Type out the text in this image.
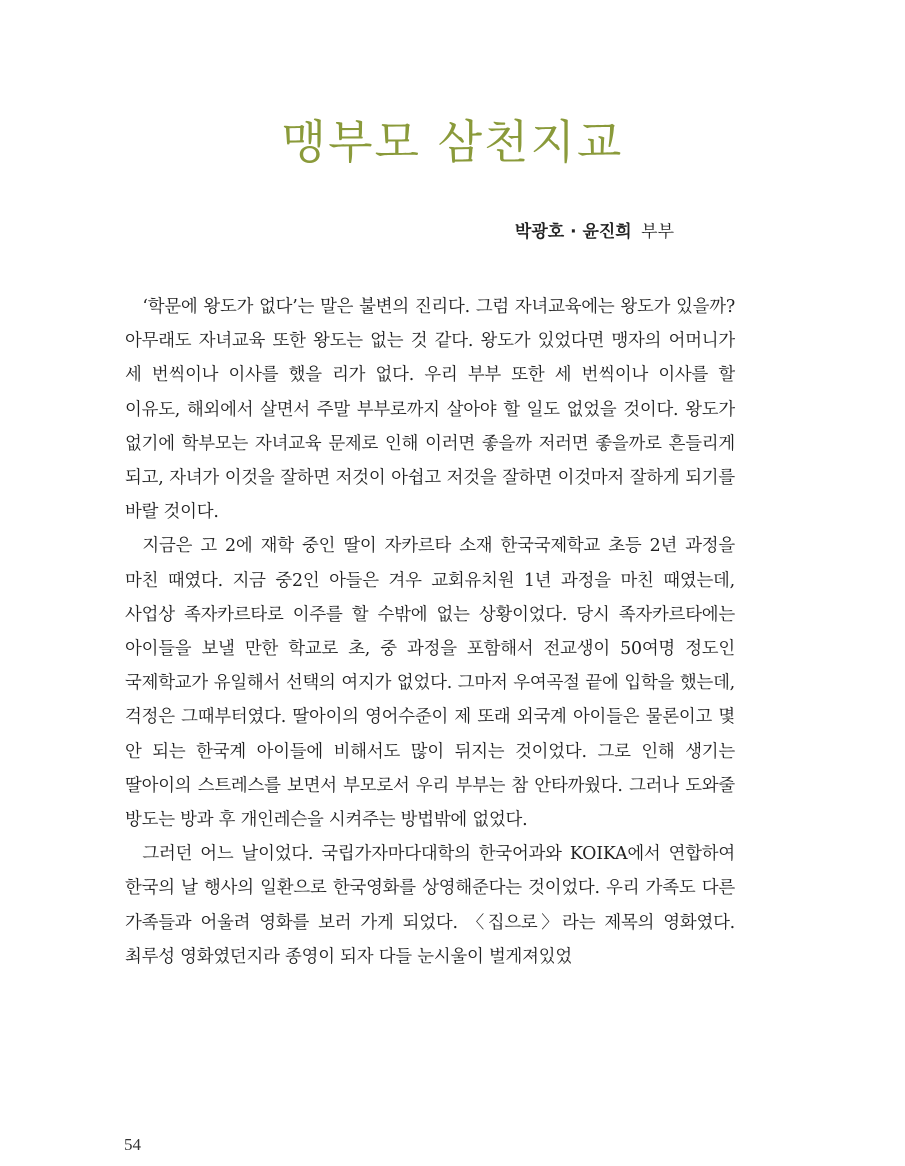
맹부모 삼천지교
박광호 · 윤진희 부부

‘학문에 왕도가 없다’는 말은 불변의 진리다. 그럼 자녀교육에는 왕도가 있을까? 아무래도 자녀교육 또한 왕도는 없는 것 같다. 왕도가 있었다면 맹자의 어머니가 세 번씩이나 이사를 했을 리가 없다. 우리 부부 또한 세 번씩이나 이사를 할 이유도, 해외에서 살면서 주말 부부로까지 살아야 할 일도 없었을 것이다. 왕도가 없기에 학부모는 자녀교육 문제로 인해 이러면 좋을까 저러면 좋을까로 흔들리게 되고, 자녀가 이것을 잘하면 저것이 아쉽고 저것을 잘하면 이것마저 잘하게 되기를 바랄 것이다.

지금은 고 2에 재학 중인 딸이 자카르타 소재 한국국제학교 초등 2년 과정을 마친 때였다. 지금 중2인 아들은 겨우 교회유치원 1년 과정을 마친 때였는데, 사업상 족자카르타로 이주를 할 수밖에 없는 상황이었다. 당시 족자카르타에는 아이들을 보낼 만한 학교로 초, 중 과정을 포함해서 전교생이 50여명 정도인 국제학교가 유일해서 선택의 여지가 없었다. 그마저 우여곡절 끝에 입학을 했는데, 걱정은 그때부터였다. 딸아이의 영어수준이 제 또래 외국계 아이들은 물론이고 몇 안 되는 한국계 아이들에 비해서도 많이 뒤지는 것이었다. 그로 인해 생기는 딸아이의 스트레스를 보면서 부모로서 우리 부부는 참 안타까웠다. 그러나 도와줄 방도는 방과 후 개인레슨을 시켜주는 방법밖에 없었다.

그러던 어느 날이었다. 국립가자마다대학의 한국어과와 KOIKA에서 연합하여 한국의 날 행사의 일환으로 한국영화를 상영해준다는 것이었다. 우리 가족도 다른 가족들과 어울려 영화를 보러 가게 되었다. 〈집으로〉라는 제목의 영화였다. 최루성 영화였던지라 종영이 되자 다들 눈시울이 벌게져있었

54
